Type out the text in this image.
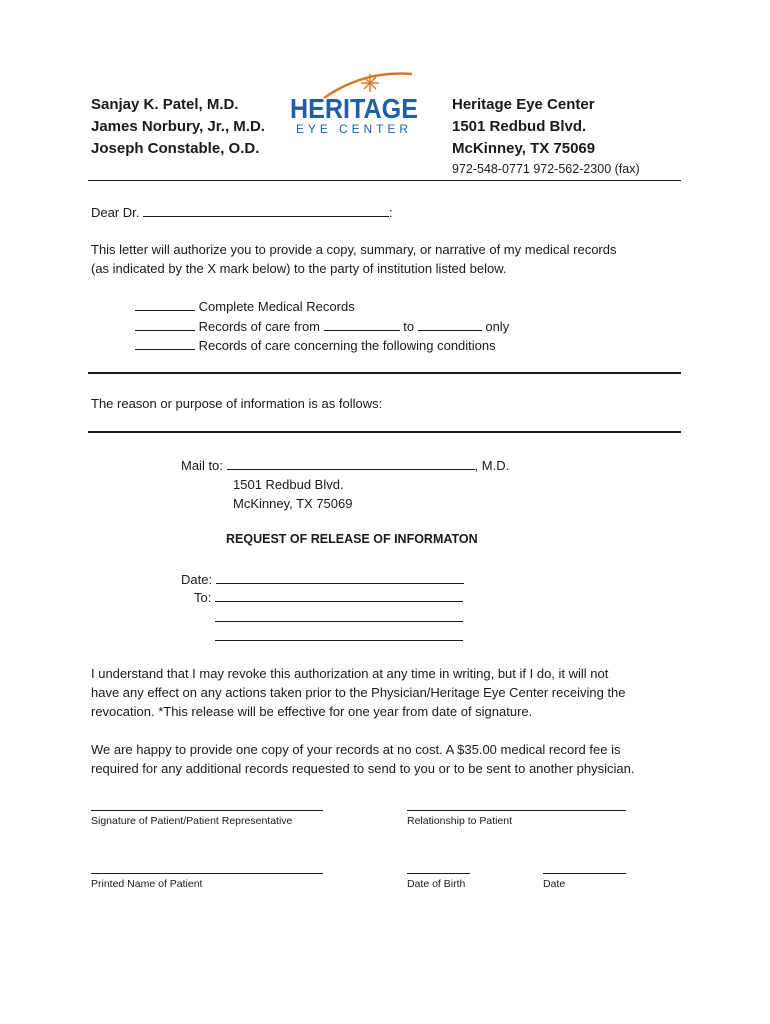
Sanjay K. Patel, M.D.
James Norbury, Jr., M.D.
Joseph Constable, O.D.
HERITAGE
EYE CENTER
Heritage Eye Center
1501 Redbud Blvd.
McKinney, TX 75069
972-548-0771 972-562-2300 (fax)
Dear Dr.	:
This letter will authorize you to provide a copy, summary, or narrative of my medical records
(as indicated by the X mark below) to the party of institution listed below.
Complete Medical Records
Records of care from	to	only
Records of care concerning the following conditions
The reason or purpose of information is as follows:
Mail to:	, M.D.
1501 Redbud Blvd.
McKinney, TX 75069
REQUEST OF RELEASE OF INFORMATON
Date:
To:
I understand that I may revoke this authorization at any time in writing, but if I do, it will not
have any effect on any actions taken prior to the Physician/Heritage Eye Center receiving the
revocation. *This release will be effective for one year from date of signature.
We are happy to provide one copy of your records at no cost. A $35.00 medical record fee is
required for any additional records requested to send to you or to be sent to another physician.
Signature of Patient/Patient Representative	Relationship to Patient
Printed Name of Patient	Date of Birth	Date
